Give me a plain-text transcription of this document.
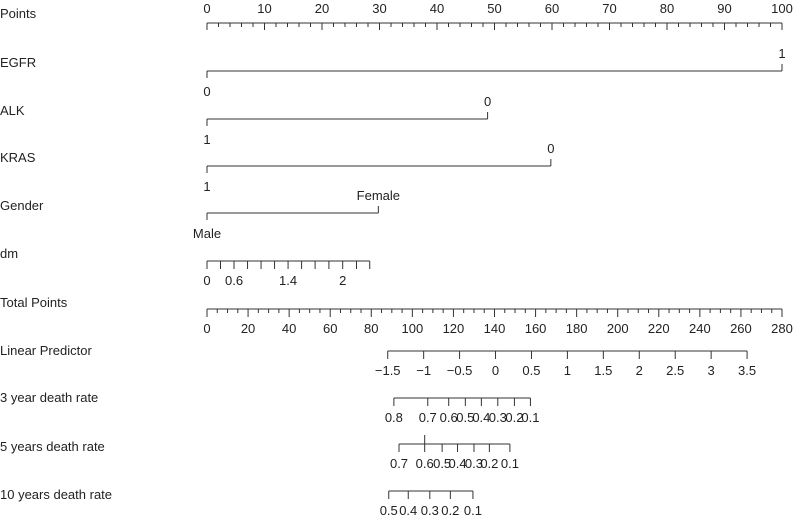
Points	0	10	20	30	40	50	60	70	80	90	100
EGFR
0
1
ALK
1
0
KRAS
1
0
Gender
Male
Female
dm
0 0.6	1.4	2
Total Points
0 20 40 60 80 100 120 140 160 180 200 220 240 260 280
Linear Predictor
−1.5 −1 −0.5 0 0.5 1 1.5 2 2.5 3 3.5
3 year death rate
0.8 0.7 0.6
0.5
0.4
0.3
0.2
0.1
5 years death rate
0.7 0.6 0.5
0.4
0.3
0.2 0.1
10 years death rate
0.5 0.4 0.3 0.2 0.1
